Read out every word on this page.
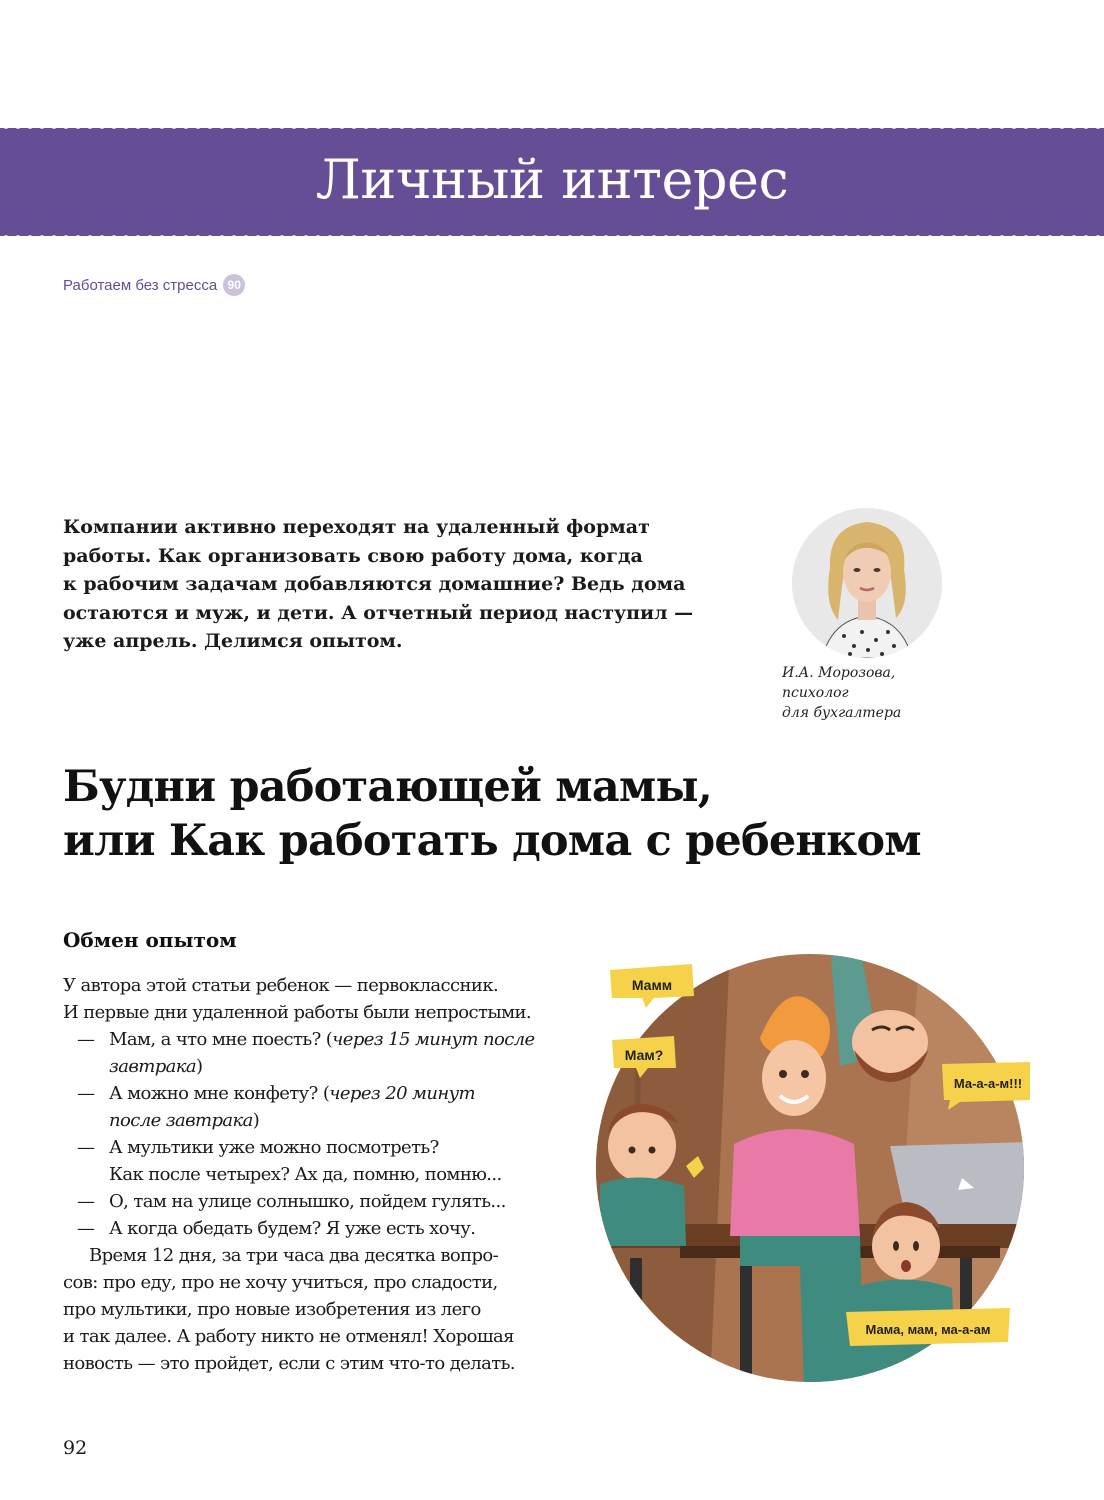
Личный интерес
Работаем без стресса 90

Компании активно переходят на удаленный формат
работы. Как организовать свою работу дома, когда
к рабочим задачам добавляются домашние? Ведь дома
остаются и муж, и дети. А отчетный период наступил —
уже апрель. Делимся опытом.

И.А. Морозова,
психолог
для бухгалтера
Будни работающей мамы,
или Как работать дома с ребенком
Обмен опытом
У автора этой статьи ребенок — первоклассник.
И первые дни удаленной работы были непростыми.
— Мам, а что мне поесть? (через 15 минут после
завтрака)
— А можно мне конфету? (через 20 минут
после завтрака)
— А мультики уже можно посмотреть?
Как после четырех? Ах да, помню, помню...
— О, там на улице солнышко, пойдем гулять...
— А когда обедать будем? Я уже есть хочу.
Время 12 дня, за три часа два десятка вопро-
сов: про еду, про не хочу учиться, про сладости,
про мультики, про новые изобретения из лего
и так далее. А работу никто не отменял! Хорошая
новость — это пройдет, если с этим что-то делать.
Мамм
Мам?
Ма-а-а-м!!!
Мама, мам, ма-а-ам
92
